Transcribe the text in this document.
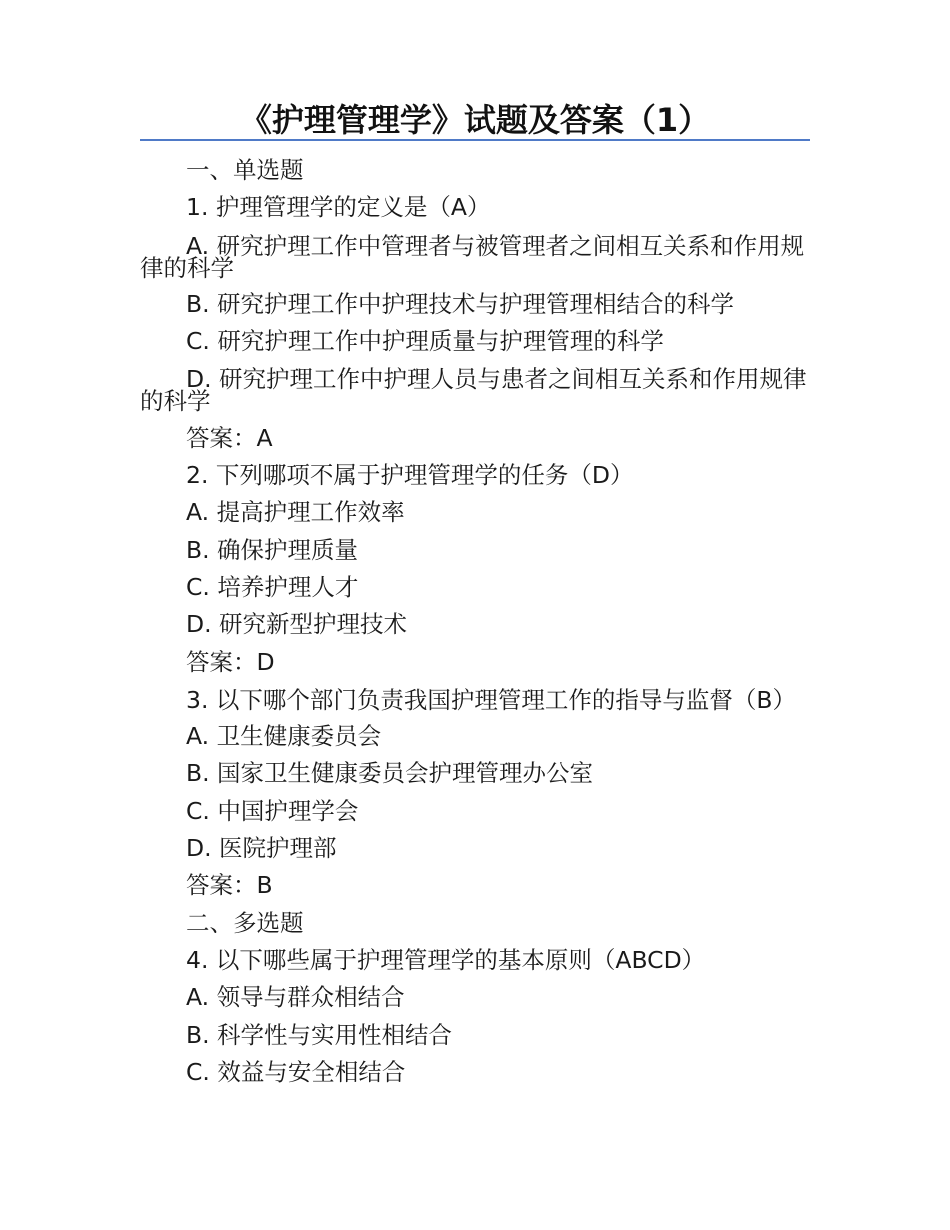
《护理管理学》试题及答案（1）
一、单选题
1. 护理管理学的定义是（A）
A. 研究护理工作中管理者与被管理者之间相互关系和作用规律的科学
B. 研究护理工作中护理技术与护理管理相结合的科学
C. 研究护理工作中护理质量与护理管理的科学
D. 研究护理工作中护理人员与患者之间相互关系和作用规律的科学
答案：A
2. 下列哪项不属于护理管理学的任务（D）
A. 提高护理工作效率
B. 确保护理质量
C. 培养护理人才
D. 研究新型护理技术
答案：D
3. 以下哪个部门负责我国护理管理工作的指导与监督（B）
A. 卫生健康委员会
B. 国家卫生健康委员会护理管理办公室
C. 中国护理学会
D. 医院护理部
答案：B
二、多选题
4. 以下哪些属于护理管理学的基本原则（ABCD）
A. 领导与群众相结合
B. 科学性与实用性相结合
C. 效益与安全相结合
